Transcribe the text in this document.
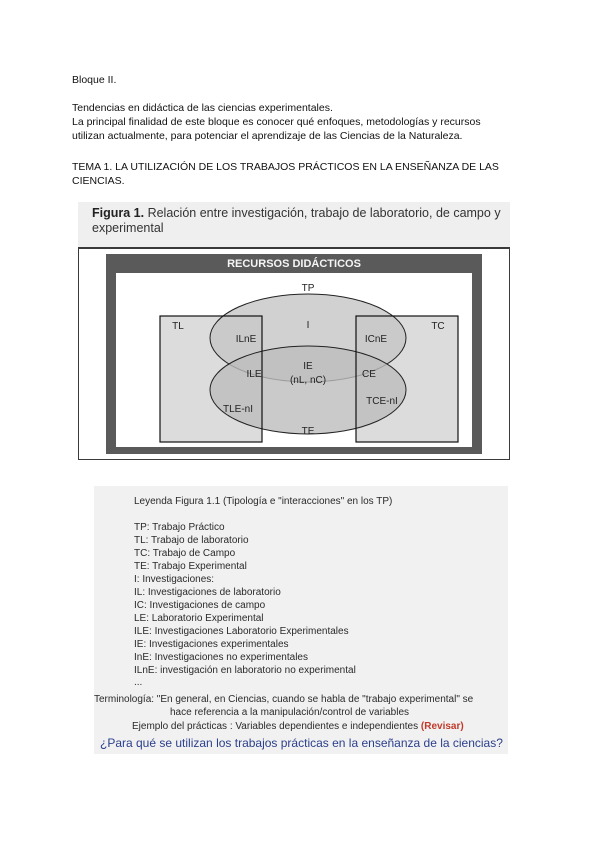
Bloque II.

Tendencias en didáctica de las ciencias experimentales.

La principal finalidad de este bloque es conocer qué enfoques, metodologías y recursos

utilizan actualmente, para potenciar el aprendizaje de las Ciencias de la Naturaleza.

TEMA 1. LA UTILIZACIÓN DE LOS TRABAJOS PRÁCTICOS EN LA ENSEÑANZA DE LAS

CIENCIAS.

Figura 1. Relación entre investigación, trabajo de laboratorio, de campo y experimental
RECURSOS DIDÁCTICOS
TP
TL	TC
I
ILnE	ICnE
ILE
IE
(nL, nC)
CE
TLE-nI
TCE-nI
TE
Leyenda Figura 1.1 (Tipología e "interacciones" en los TP)
TP: Trabajo Práctico
TL: Trabajo de laboratorio
TC: Trabajo de Campo
TE: Trabajo Experimental
I: Investigaciones:
IL: Investigaciones de laboratorio
IC: Investigaciones de campo
LE: Laboratorio Experimental
ILE: Investigaciones Laboratorio Experimentales
IE: Investigaciones experimentales
InE: Investigaciones no experimentales
ILnE: investigación en laboratorio no experimental
...
Terminología: "En general, en Ciencias, cuando se habla de "trabajo experimental" se
hace referencia a la manipulación/control de variables
Ejemplo del prácticas : Variables dependientes e independientes (Revisar)
¿Para qué se utilizan los trabajos prácticas en la enseñanza de la ciencias?
